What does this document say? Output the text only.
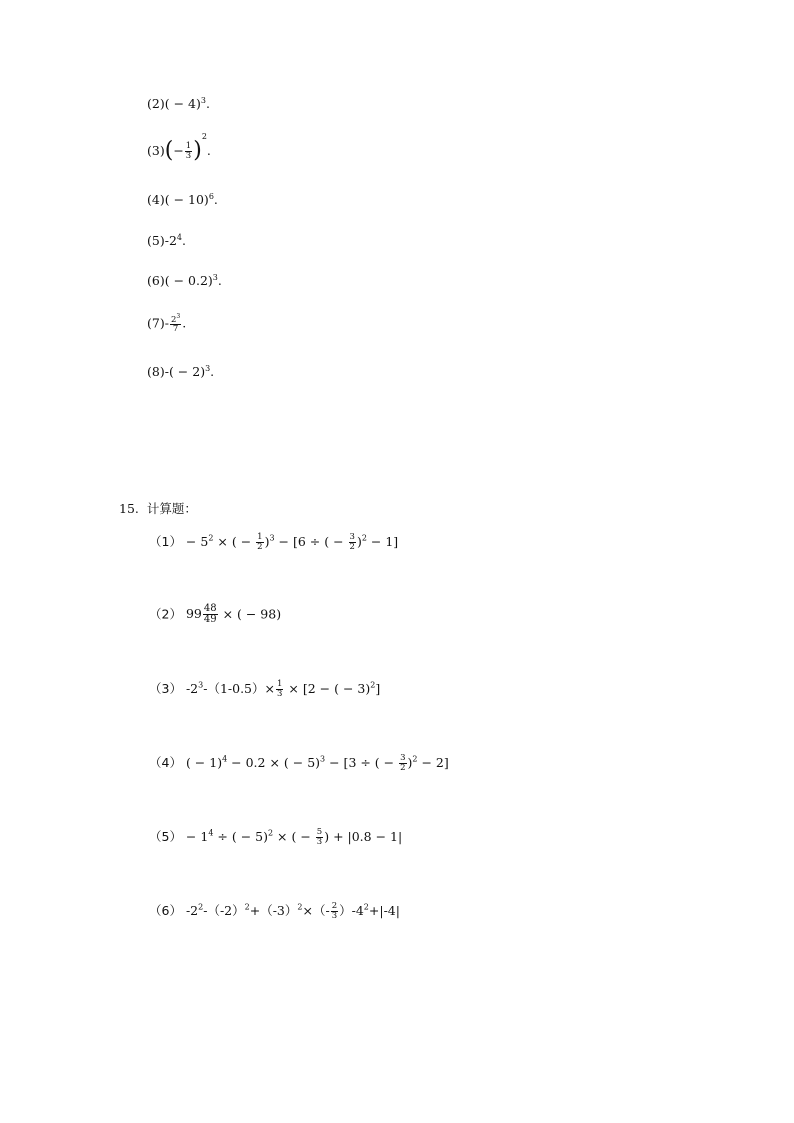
$(2)( - 4)^3$.
$(3)(- \frac{1}{3} )^2$.
$(4)( - 10)^6$.
$(5)-2^4$.
$(6)( - 0.2)^3$.
$(7)- \frac{2^3}{7}$ .
$(8)-( - 2)^3$.
15. 计算题：
$(1) - 5^2$ × ( − $\frac{1}{2} )^3 - [6$ ÷ ( − $\frac{3}{2} )^2 - 1$]
（2） $99 \frac{48}{49}$ × ( − 98)
（3） $-2^3-(1-0.5)\times \frac{1}{3} \times [2$ − ( − 3)$^2$]
（4） ( − 1)$^4$ − 0.2 × ( − 5)$^3$ − [3 ÷ ( − $\frac{3}{2} )^2 - 2$]
$(5) - 1^4$ ÷ ( − 5)$^2$ × ( − $\frac{5}{3}$ ) + |0.8 − 1|
（6） $-2^2-(-2)^2+(-3)^2\times(- \frac{2}{3} )-4^2+|-4|$
